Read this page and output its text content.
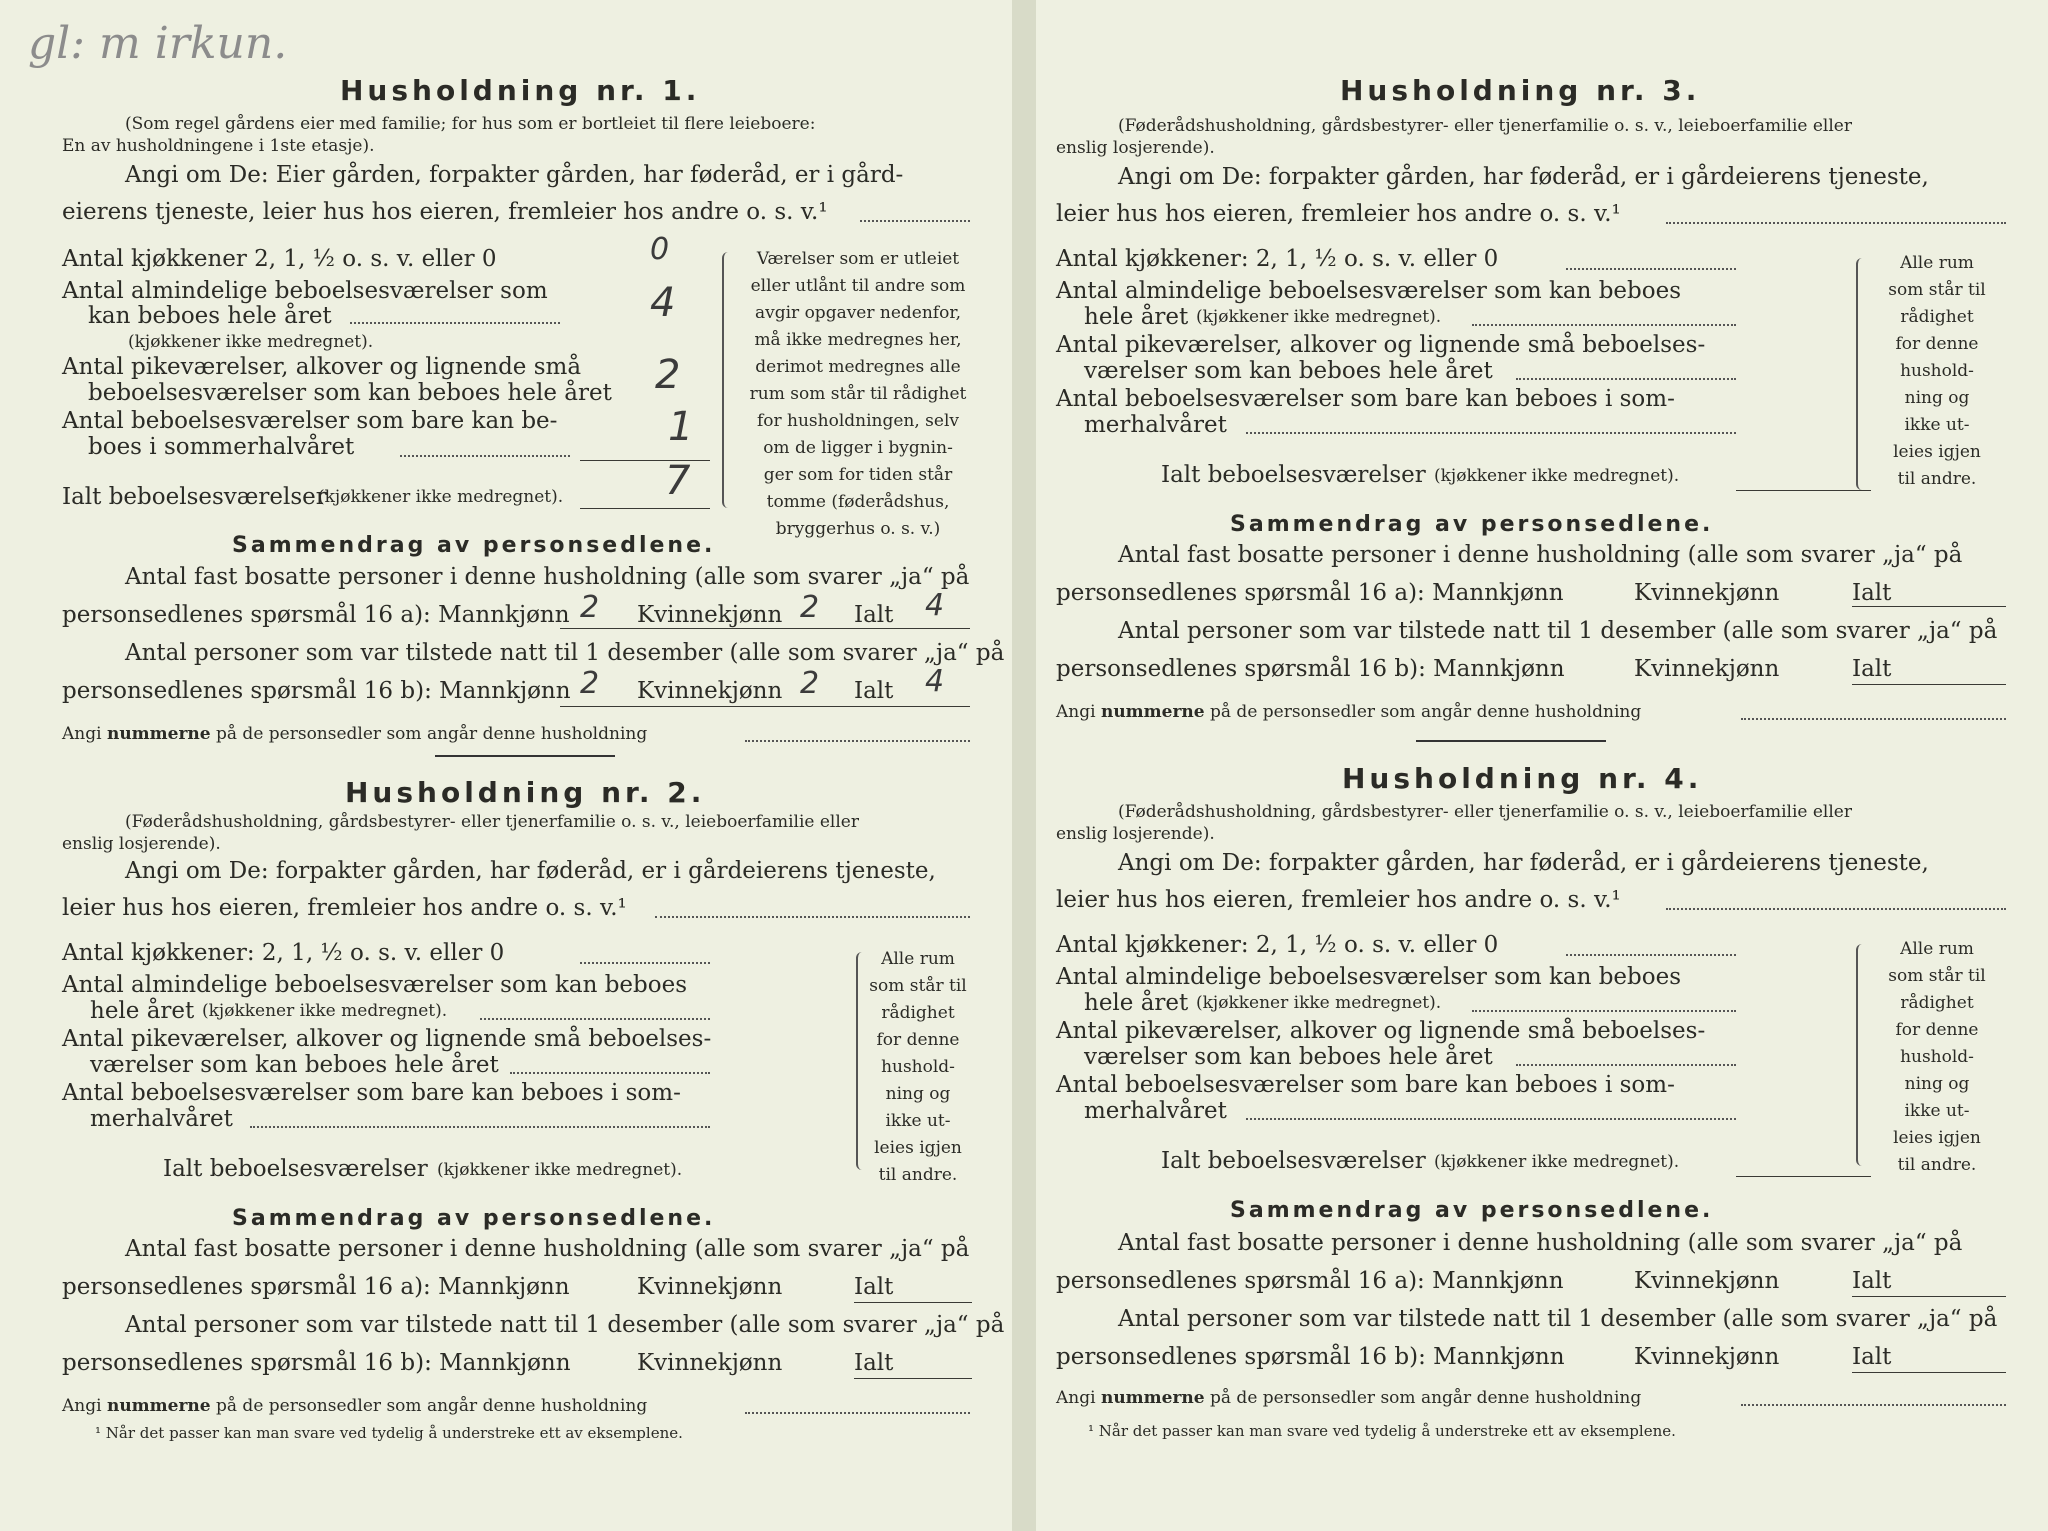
gl: m irkun.
Husholdning nr. 1.
(Som regel gårdens eier med familie; for hus som er bortleiet til flere leieboere:
En av husholdningene i 1ste etasje).
Angi om De: Eier gården, forpakter gården, har føderåd, er i gård-
eierens tjeneste, leier hus hos eieren, fremleier hos andre o. s. v.¹
Antal kjøkkener 2, 1, ½ o. s. v. eller 0	0
Antal almindelige beboelsesværelser som
kan beboes hele året
(kjøkkener ikke medregnet).
4
Antal pikeværelser, alkover og lignende små
beboelsesværelser som kan beboes hele året 2
Antal beboelsesværelser som bare kan be-
boes i sommerhalvåret	1
Ialt beboelsesværelser
(kjøkkener ikke medregnet).	7
Værelser som er utleiet
eller utlånt til andre som
avgir opgaver nedenfor,
må ikke medregnes her,
derimot medregnes alle
rum som står til rådighet
for husholdningen, selv
om de ligger i bygnin-
ger som for tiden står
tomme (føderådshus,
bryggerhus o. s. v.)
Sammendrag av personsedlene.
Antal fast bosatte personer i denne husholdning (alle som svarer „ja“ på
personsedlenes spørsmål 16 a): Mannkjønn 2 Kvinnekjønn 2 Ialt 4
Antal personer som var tilstede natt til 1 desember (alle som svarer „ja“ på
personsedlenes spørsmål 16 b): Mannkjønn 2 Kvinnekjønn 2 Ialt 4
Angi nummerne på de personsedler som angår denne husholdning
Husholdning nr. 2.
(Føderådshusholdning, gårdsbestyrer- eller tjenerfamilie o. s. v., leieboerfamilie eller
enslig losjerende).
Angi om De: forpakter gården, har føderåd, er i gårdeierens tjeneste,
leier hus hos eieren, fremleier hos andre o. s. v.¹
Antal kjøkkener: 2, 1, ½ o. s. v. eller 0
Antal almindelige beboelsesværelser som kan beboes
hele året (kjøkkener ikke medregnet).
Antal pikeværelser, alkover og lignende små beboelses-
værelser som kan beboes hele året
Antal beboelsesværelser som bare kan beboes i som-
merhalvåret
Ialt beboelsesværelser (kjøkkener ikke medregnet).
Alle rum
som står til
rådighet
for denne
hushold-
ning og
ikke ut-
leies igjen
til andre.
Sammendrag av personsedlene.
Antal fast bosatte personer i denne husholdning (alle som svarer „ja“ på
personsedlenes spørsmål 16 a): Mannkjønn	Kvinnekjønn	Ialt
Antal personer som var tilstede natt til 1 desember (alle som svarer „ja“ på
personsedlenes spørsmål 16 b): Mannkjønn	Kvinnekjønn	Ialt
Angi nummerne på de personsedler som angår denne husholdning
¹ Når det passer kan man svare ved tydelig å understreke ett av eksemplene.
Husholdning nr. 3.
(Føderådshusholdning, gårdsbestyrer- eller tjenerfamilie o. s. v., leieboerfamilie eller
enslig losjerende).
Angi om De: forpakter gården, har føderåd, er i gårdeierens tjeneste,
leier hus hos eieren, fremleier hos andre o. s. v.¹
Antal kjøkkener: 2, 1, ½ o. s. v. eller 0
Antal almindelige beboelsesværelser som kan beboes
hele året (kjøkkener ikke medregnet).
Antal pikeværelser, alkover og lignende små beboelses-
værelser som kan beboes hele året
Antal beboelsesværelser som bare kan beboes i som-
merhalvåret
Ialt beboelsesværelser (kjøkkener ikke medregnet).
Alle rum
som står til
rådighet
for denne
hushold-
ning og
ikke ut-
leies igjen
til andre.
Sammendrag av personsedlene.
Antal fast bosatte personer i denne husholdning (alle som svarer „ja“ på
personsedlenes spørsmål 16 a): Mannkjønn	Kvinnekjønn	Ialt
Antal personer som var tilstede natt til 1 desember (alle som svarer „ja“ på
personsedlenes spørsmål 16 b): Mannkjønn	Kvinnekjønn	Ialt
Angi nummerne på de personsedler som angår denne husholdning
Husholdning nr. 4.
(Føderådshusholdning, gårdsbestyrer- eller tjenerfamilie o. s. v., leieboerfamilie eller
enslig losjerende).
Angi om De: forpakter gården, har føderåd, er i gårdeierens tjeneste,
leier hus hos eieren, fremleier hos andre o. s. v.¹
Antal kjøkkener: 2, 1, ½ o. s. v. eller 0
Antal almindelige beboelsesværelser som kan beboes
hele året (kjøkkener ikke medregnet).
Antal pikeværelser, alkover og lignende små beboelses-
værelser som kan beboes hele året
Antal beboelsesværelser som bare kan beboes i som-
merhalvåret
Ialt beboelsesværelser (kjøkkener ikke medregnet).
Alle rum
som står til
rådighet
for denne
hushold-
ning og
ikke ut-
leies igjen
til andre.
Sammendrag av personsedlene.
Antal fast bosatte personer i denne husholdning (alle som svarer „ja“ på
personsedlenes spørsmål 16 a): Mannkjønn	Kvinnekjønn	Ialt
Antal personer som var tilstede natt til 1 desember (alle som svarer „ja“ på
personsedlenes spørsmål 16 b): Mannkjønn	Kvinnekjønn	Ialt
Angi nummerne på de personsedler som angår denne husholdning
¹ Når det passer kan man svare ved tydelig å understreke ett av eksemplene.
